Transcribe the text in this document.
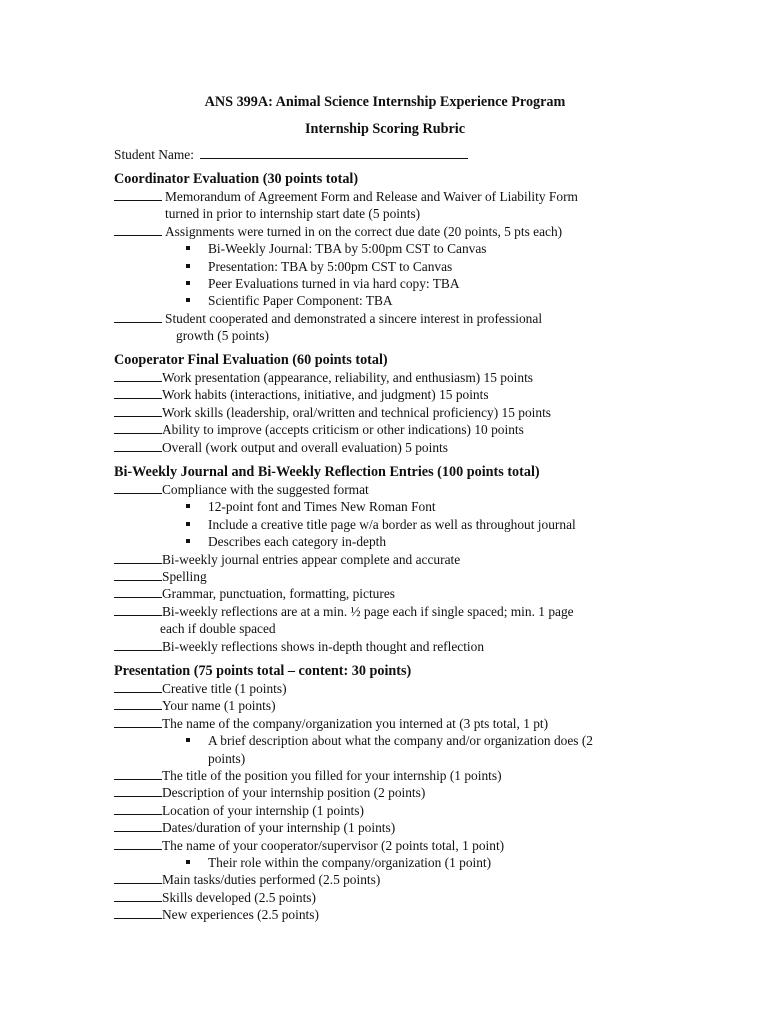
ANS 399A: Animal Science Internship Experience Program
Internship Scoring Rubric
Student Name:
Coordinator Evaluation (30 points total)
Memorandum of Agreement Form and Release and Waiver of Liability Form
turned in prior to internship start date (5 points)
Assignments were turned in on the correct due date (20 points, 5 pts each)
Bi-Weekly Journal: TBA by 5:00pm CST to Canvas
Presentation: TBA by 5:00pm CST to Canvas
Peer Evaluations turned in via hard copy: TBA
Scientific Paper Component: TBA
Student cooperated and demonstrated a sincere interest in professional
growth (5 points)
Cooperator Final Evaluation (60 points total)
Work presentation (appearance, reliability, and enthusiasm) 15 points
Work habits (interactions, initiative, and judgment) 15 points
Work skills (leadership, oral/written and technical proficiency) 15 points
Ability to improve (accepts criticism or other indications) 10 points
Overall (work output and overall evaluation) 5 points
Bi-Weekly Journal and Bi-Weekly Reflection Entries (100 points total)
Compliance with the suggested format
12-point font and Times New Roman Font
Include a creative title page w/a border as well as throughout journal
Describes each category in-depth
Bi-weekly journal entries appear complete and accurate
Spelling
Grammar, punctuation, formatting, pictures
Bi-weekly reflections are at a min. ½ page each if single spaced; min. 1 page
each if double spaced
Bi-weekly reflections shows in-depth thought and reflection
Presentation (75 points total – content: 30 points)
Creative title (1 points)
Your name (1 points)
The name of the company/organization you interned at (3 pts total, 1 pt)
A brief description about what the company and/or organization does (2
points)
The title of the position you filled for your internship (1 points)
Description of your internship position (2 points)
Location of your internship (1 points)
Dates/duration of your internship (1 points)
The name of your cooperator/supervisor (2 points total, 1 point)
Their role within the company/organization (1 point)
Main tasks/duties performed (2.5 points)
Skills developed (2.5 points)
New experiences (2.5 points)
